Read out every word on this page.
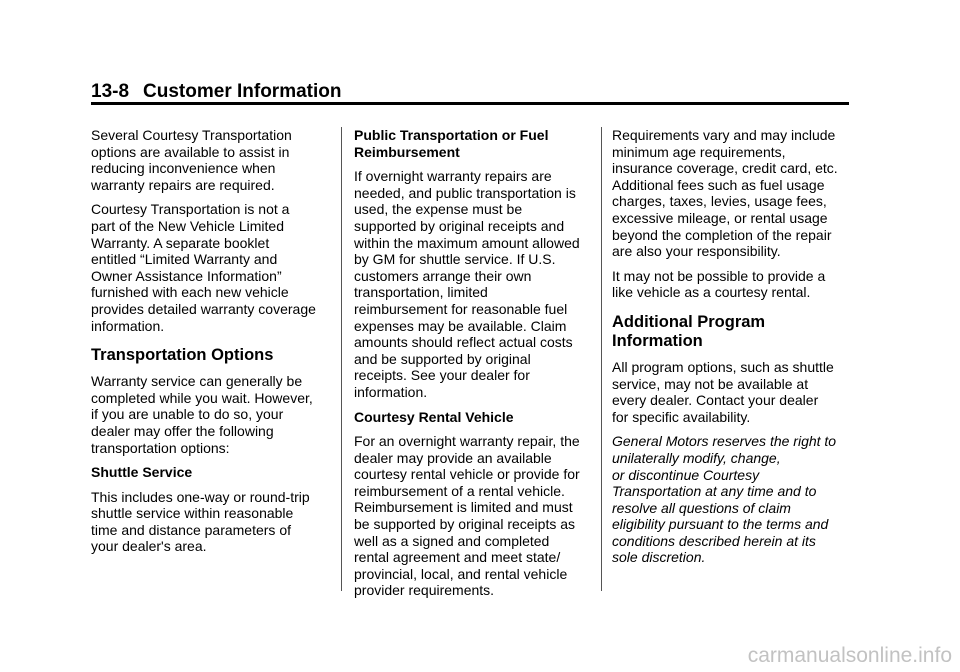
13-8 Customer Information

Several Courtesy Transportation
options are available to assist in
reducing inconvenience when
warranty repairs are required.

Courtesy Transportation is not a
part of the New Vehicle Limited
Warranty. A separate booklet
entitled “Limited Warranty and
Owner Assistance Information”
furnished with each new vehicle
provides detailed warranty coverage
information.

Transportation Options

Warranty service can generally be
completed while you wait. However,
if you are unable to do so, your
dealer may offer the following
transportation options:

Shuttle Service

This includes one-way or round-trip
shuttle service within reasonable
time and distance parameters of
your dealer's area.

Public Transportation or Fuel
Reimbursement

If overnight warranty repairs are
needed, and public transportation is
used, the expense must be
supported by original receipts and
within the maximum amount allowed
by GM for shuttle service. If U.S.
customers arrange their own
transportation, limited
reimbursement for reasonable fuel
expenses may be available. Claim
amounts should reflect actual costs
and be supported by original
receipts. See your dealer for
information.

Courtesy Rental Vehicle

For an overnight warranty repair, the
dealer may provide an available
courtesy rental vehicle or provide for
reimbursement of a rental vehicle.
Reimbursement is limited and must
be supported by original receipts as
well as a signed and completed
rental agreement and meet state/
provincial, local, and rental vehicle
provider requirements.

Requirements vary and may include
minimum age requirements,
insurance coverage, credit card, etc.
Additional fees such as fuel usage
charges, taxes, levies, usage fees,
excessive mileage, or rental usage
beyond the completion of the repair
are also your responsibility.

It may not be possible to provide a
like vehicle as a courtesy rental.

Additional Program
Information

All program options, such as shuttle
service, may not be available at
every dealer. Contact your dealer
for specific availability.

General Motors reserves the right to
unilaterally modify, change,
or discontinue Courtesy
Transportation at any time and to
resolve all questions of claim
eligibility pursuant to the terms and
conditions described herein at its
sole discretion.

carmanualsonline.info
